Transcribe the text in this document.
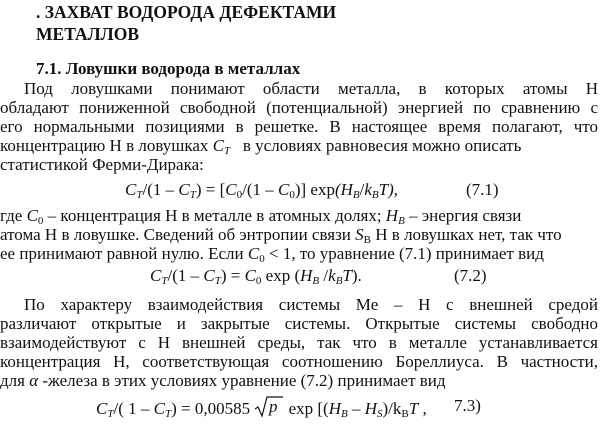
. ЗАХВАТ ВОДОРОДА ДЕФЕКТАМИ
МЕТАЛЛОВ
7.1. Ловушки водорода в металлах
Под ловушками понимают области металла, в которых атомы Н
обладают пониженной свободной (потенциальной) энергией по сравнению с
его нормальными позициями в решетке. В настоящее время полагают, что
концентрацию Н в ловушках $C_T$ в условиях равновесия можно описать
статистикой Ферми-Дирака:
$C_T/(1 - C_T) = [C_0/(1 - C_0)]$ $\exp(H_B/k_BT)$,	(7.1)
где $C_0$ – концентрация Н в металле в атомных долях; $H_B$ – энергия связи
атома Н в ловушке. Сведений об энтропии связи $S_B$ Н в ловушках нет, так что
ее принимают равной нулю. Если $C_0 < 1$, то уравнение (7.1) принимает вид
$C_T/(1 - C_T) = C_0$ $\exp (H_B$ $/k_BT$).	(7.2)
По характеру взаимодействия системы Ме – Н с внешней средой
различают открытые и закрытые системы. Открытые системы свободно
взаимодействуют с Н внешней среды, так что в металле устанавливается
концентрация Н, соответствующая соотношению Бореллиуса. В частности,
для α -железа в этих условиях уравнение (7.2) принимает вид
$C_T/$( $1 - C_T) = 0,00585$ p $\exp [(H_B - H_S)/k_BT$ , 7.3)
